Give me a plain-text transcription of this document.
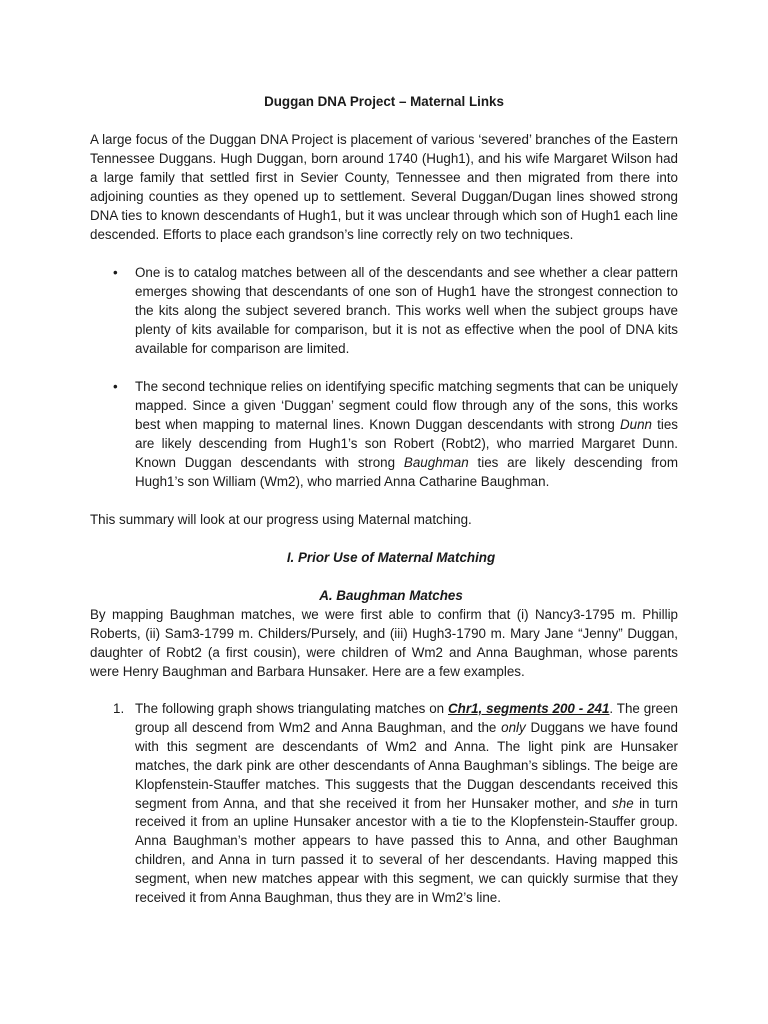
Duggan DNA Project – Maternal Links

A large focus of the Duggan DNA Project is placement of various ‘severed’ branches of the Eastern Tennessee Duggans. Hugh Duggan, born around 1740 (Hugh1), and his wife Margaret Wilson had a large family that settled first in Sevier County, Tennessee and then migrated from there into adjoining counties as they opened up to settlement. Several Duggan/Dugan lines showed strong DNA ties to known descendants of Hugh1, but it was unclear through which son of Hugh1 each line descended. Efforts to place each grandson’s line correctly rely on two techniques.

•	One is to catalog matches between all of the descendants and see whether a clear pattern emerges showing that descendants of one son of Hugh1 have the strongest connection to the kits along the subject severed branch. This works well when the subject groups have plenty of kits available for comparison, but it is not as effective when the pool of DNA kits available for comparison are limited.

•	The second technique relies on identifying specific matching segments that can be uniquely mapped. Since a given ‘Duggan’ segment could flow through any of the sons, this works best when mapping to maternal lines. Known Duggan descendants with strong Dunn ties are likely descending from Hugh1’s son Robert (Robt2), who married Margaret Dunn. Known Duggan descendants with strong Baughman ties are likely descending from Hugh1’s son William (Wm2), who married Anna Catharine Baughman.

This summary will look at our progress using Maternal matching.

I. Prior Use of Maternal Matching
A. Baughman Matches

By mapping Baughman matches, we were first able to confirm that (i) Nancy3-1795 m. Phillip Roberts, (ii) Sam3-1799 m. Childers/Pursely, and (iii) Hugh3-1790 m. Mary Jane “Jenny” Duggan, daughter of Robt2 (a first cousin), were children of Wm2 and Anna Baughman, whose parents were Henry Baughman and Barbara Hunsaker. Here are a few examples.

1. The following graph shows triangulating matches on Chr1, segments 200 - 241. The green group all descend from Wm2 and Anna Baughman, and the only Duggans we have found with this segment are descendants of Wm2 and Anna. The light pink are Hunsaker matches, the dark pink are other descendants of Anna Baughman’s siblings. The beige are Klopfenstein-Stauffer matches. This suggests that the Duggan descendants received this segment from Anna, and that she received it from her Hunsaker mother, and she in turn received it from an upline Hunsaker ancestor with a tie to the Klopfenstein-Stauffer group. Anna Baughman’s mother appears to have passed this to Anna, and other Baughman children, and Anna in turn passed it to several of her descendants. Having mapped this segment, when new matches appear with this segment, we can quickly surmise that they received it from Anna Baughman, thus they are in Wm2’s line.
